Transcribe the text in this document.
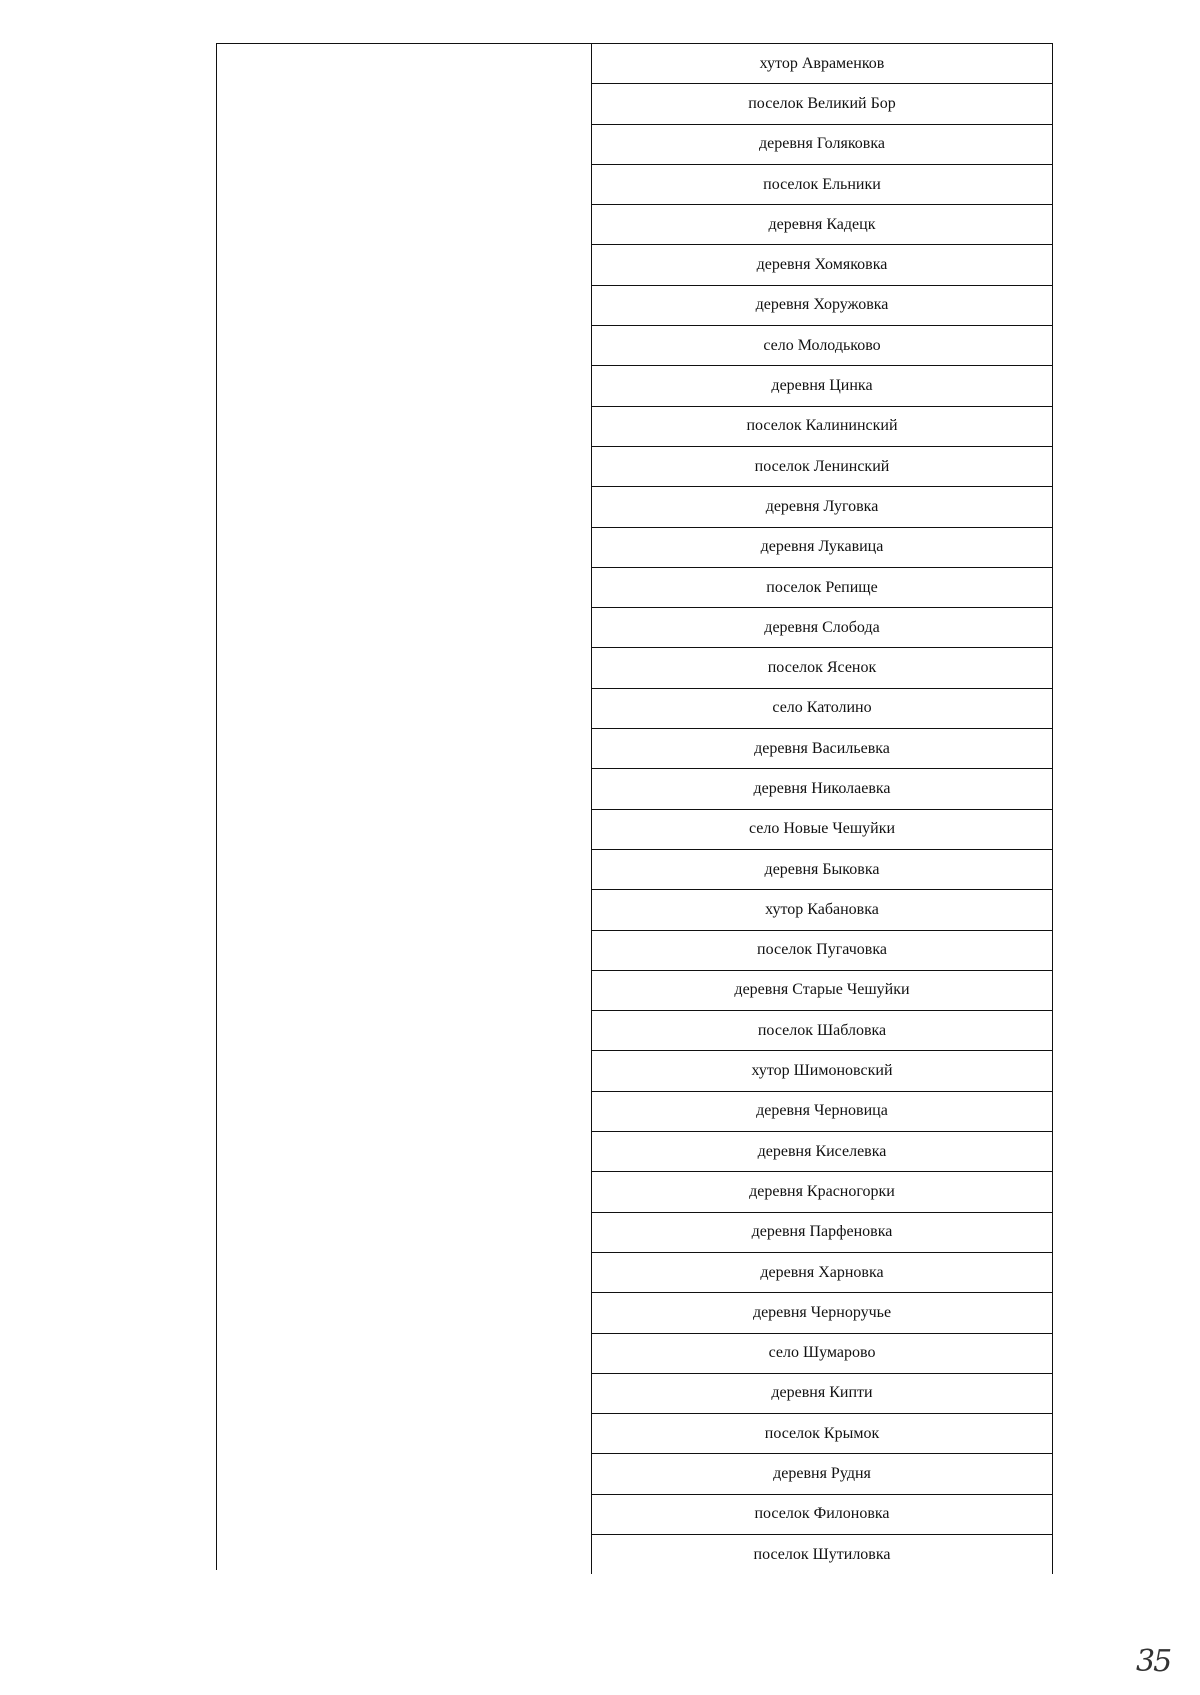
хутор Авраменков
поселок Великий Бор
деревня Голяковка
поселок Ельники
деревня Кадецк
деревня Хомяковка
деревня Хоружовка
село Молодьково
деревня Цинка
поселок Калининский
поселок Ленинский
деревня Луговка
деревня Лукавица
поселок Репище
деревня Слобода
поселок Ясенок
село Католино
деревня Васильевка
деревня Николаевка
село Новые Чешуйки
деревня Быковка
хутор Кабановка
поселок Пугачовка
деревня Старые Чешуйки
поселок Шабловка
хутор Шимоновский
деревня Черновица
деревня Киселевка
деревня Красногорки
деревня Парфеновка
деревня Харновка
деревня Черноручье
село Шумарово
деревня Кипти
поселок Крымок
деревня Рудня
поселок Филоновка
поселок Шутиловка
35
